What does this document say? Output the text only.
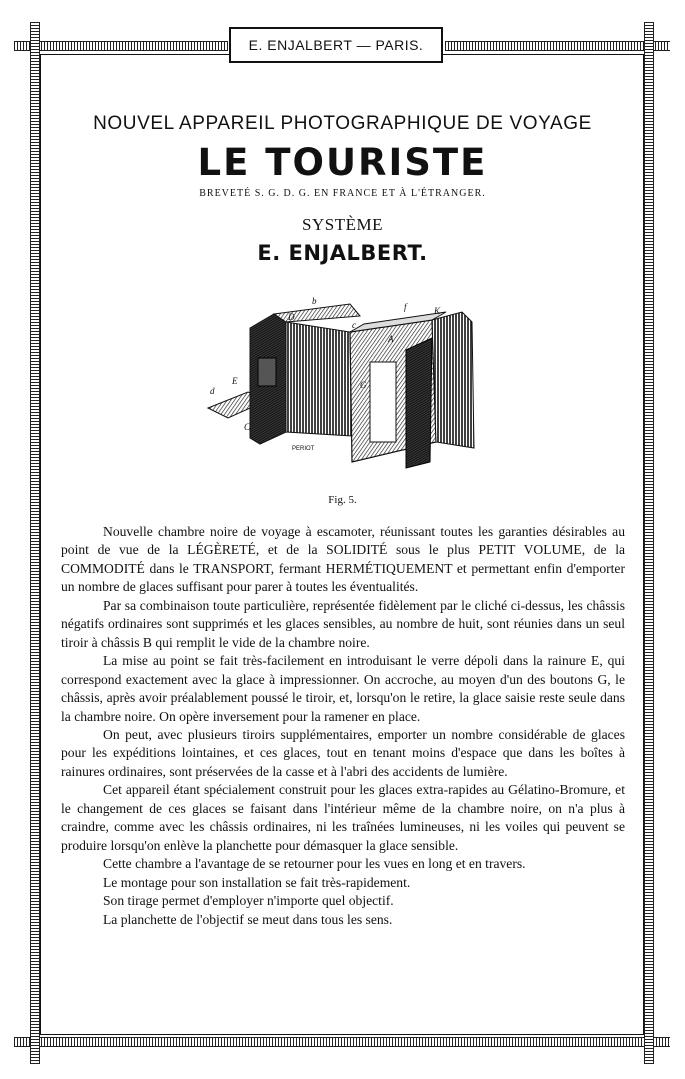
E. ENJALBERT — PARIS.
NOUVEL APPAREIL PHOTOGRAPHIQUE DE VOYAGE
LE TOURISTE
BREVETÉ S. G. D. G. EN FRANCE ET À L'ÉTRANGER.
SYSTÈME
E. ENJALBERT.
b
D
c
f	K
A
E
d
C
G
PERIOT
Fig. 5.

Nouvelle chambre noire de voyage à escamoter, réunissant toutes les garanties désirables au point de vue de la LÉGÈRETÉ, et de la SOLIDITÉ sous le plus PETIT VOLUME, de la COMMODITÉ dans le TRANSPORT, fermant HERMÉTIQUEMENT et permettant enfin d'emporter un nombre de glaces suffisant pour parer à toutes les éventualités.

Par sa combinaison toute particulière, représentée fidèlement par le cliché ci-dessus, les châssis négatifs ordinaires sont supprimés et les glaces sensibles, au nombre de huit, sont réunies dans un seul tiroir à châssis B qui remplit le vide de la chambre noire.

La mise au point se fait très-facilement en introduisant le verre dépoli dans la rainure E, qui correspond exactement avec la glace à impressionner. On accroche, au moyen d'un des boutons G, le châssis, après avoir préalablement poussé le tiroir, et, lorsqu'on le retire, la glace saisie reste seule dans la chambre noire. On opère inversement pour la ramener en place.

On peut, avec plusieurs tiroirs supplémentaires, emporter un nombre considérable de glaces pour les expéditions lointaines, et ces glaces, tout en tenant moins d'espace que dans les boîtes à rainures ordinaires, sont préservées de la casse et à l'abri des accidents de lumière.

Cet appareil étant spécialement construit pour les glaces extra-rapides au Gélatino-Bromure, et le changement de ces glaces se faisant dans l'intérieur même de la chambre noire, on n'a plus à craindre, comme avec les châssis ordinaires, ni les traînées lumineuses, ni les voiles qui peuvent se produire lorsqu'on enlève la planchette pour démasquer la glace sensible.

Cette chambre a l'avantage de se retourner pour les vues en long et en travers.

Le montage pour son installation se fait très-rapidement.

Son tirage permet d'employer n'importe quel objectif.

La planchette de l'objectif se meut dans tous les sens.
